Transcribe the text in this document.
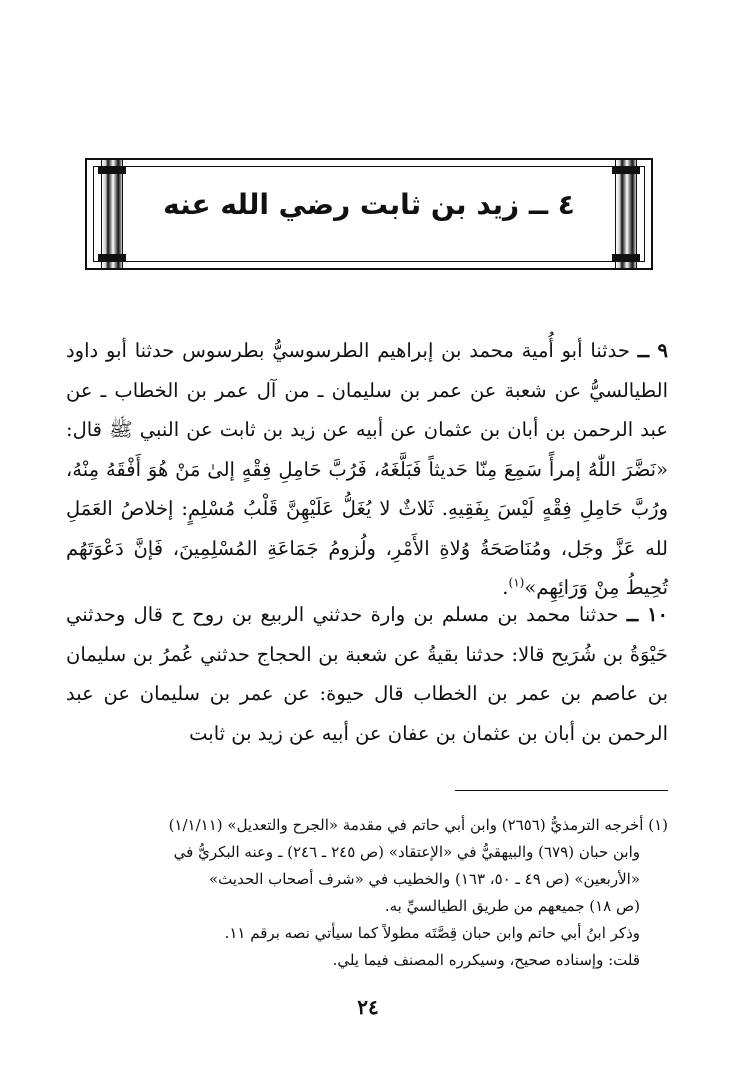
٤ ــ زيد بن ثابت رضي الله عنه

٩ ــ حدثنا أبو أُمية محمد بن إبراهيم الطرسوسيُّ بطرسوس حدثنا أبو داود الطيالسيُّ عن شعبة عن عمر بن سليمان ـ من آل عمر بن الخطاب ـ عن عبد الرحمن بن أبان بن عثمان عن أبيه عن زيد بن ثابت عن النبي ﷺ قال: «نَضَّرَ اللّٰهُ إمرأً سَمِعَ مِنّا حَديثاً فَبَلَّغَهُ، فَرُبَّ حَامِلِ فِقْهٍ إلىٰ مَنْ هُوَ أَفْقَهُ مِنْهُ، ورُبَّ حَامِلِ فِقْهٍ لَيْسَ بِفَقِيهِ. ثَلاثٌ لا يُغَلُّ عَلَيْهِنَّ قَلْبُ مُسْلِمٍ: إخلاصُ العَمَلِ لله عَزَّ وجَل، ومُنَاصَحَةُ وُلاةِ الأَمْرِ، ولُزومُ جَمَاعَةِ المُسْلِمِينَ، فَإنَّ دَعْوَتَهُم تُحِيطُ مِنْ وَرَائِهِم»$^{(١)}$.

١٠ ــ حدثنا محمد بن مسلم بن وارة حدثني الربيع بن روح ح قال وحدثني حَيْوَةُ بن شُرَيح قالا: حدثنا بقيةُ عن شعبة بن الحجاج حدثني عُمرُ بن سليمان بن عاصم بن عمر بن الخطاب قال حيوة: عن عمر بن سليمان عن عبد الرحمن بن أبان بن عثمان بن عفان عن أبيه عن زيد بن ثابت

(١) أخرجه الترمذيُّ (٢٦٥٦) وابن أبي حاتم في مقدمة «الجرح والتعديل» (١/١/١١)

وابن حبان (٦٧٩) والبيهقيُّ في «الإعتقاد» (ص ٢٤٥ ـ ٢٤٦) ـ وعنه البكريُّ في

«الأربعين» (ص ٤٩ ـ ٥٠، ١٦٣) والخطيب في «شرف أصحاب الحديث»

(ص ١٨) جميعهم من طريق الطيالسيِّ به.

وذكر ابنُ أبي حاتم وابن حبان قِصَّتَه مطولاً كما سيأتي نصه برقم ١١.

قلت: وإسناده صحيح، وسيكرره المصنف فيما يلي.

٢٤
